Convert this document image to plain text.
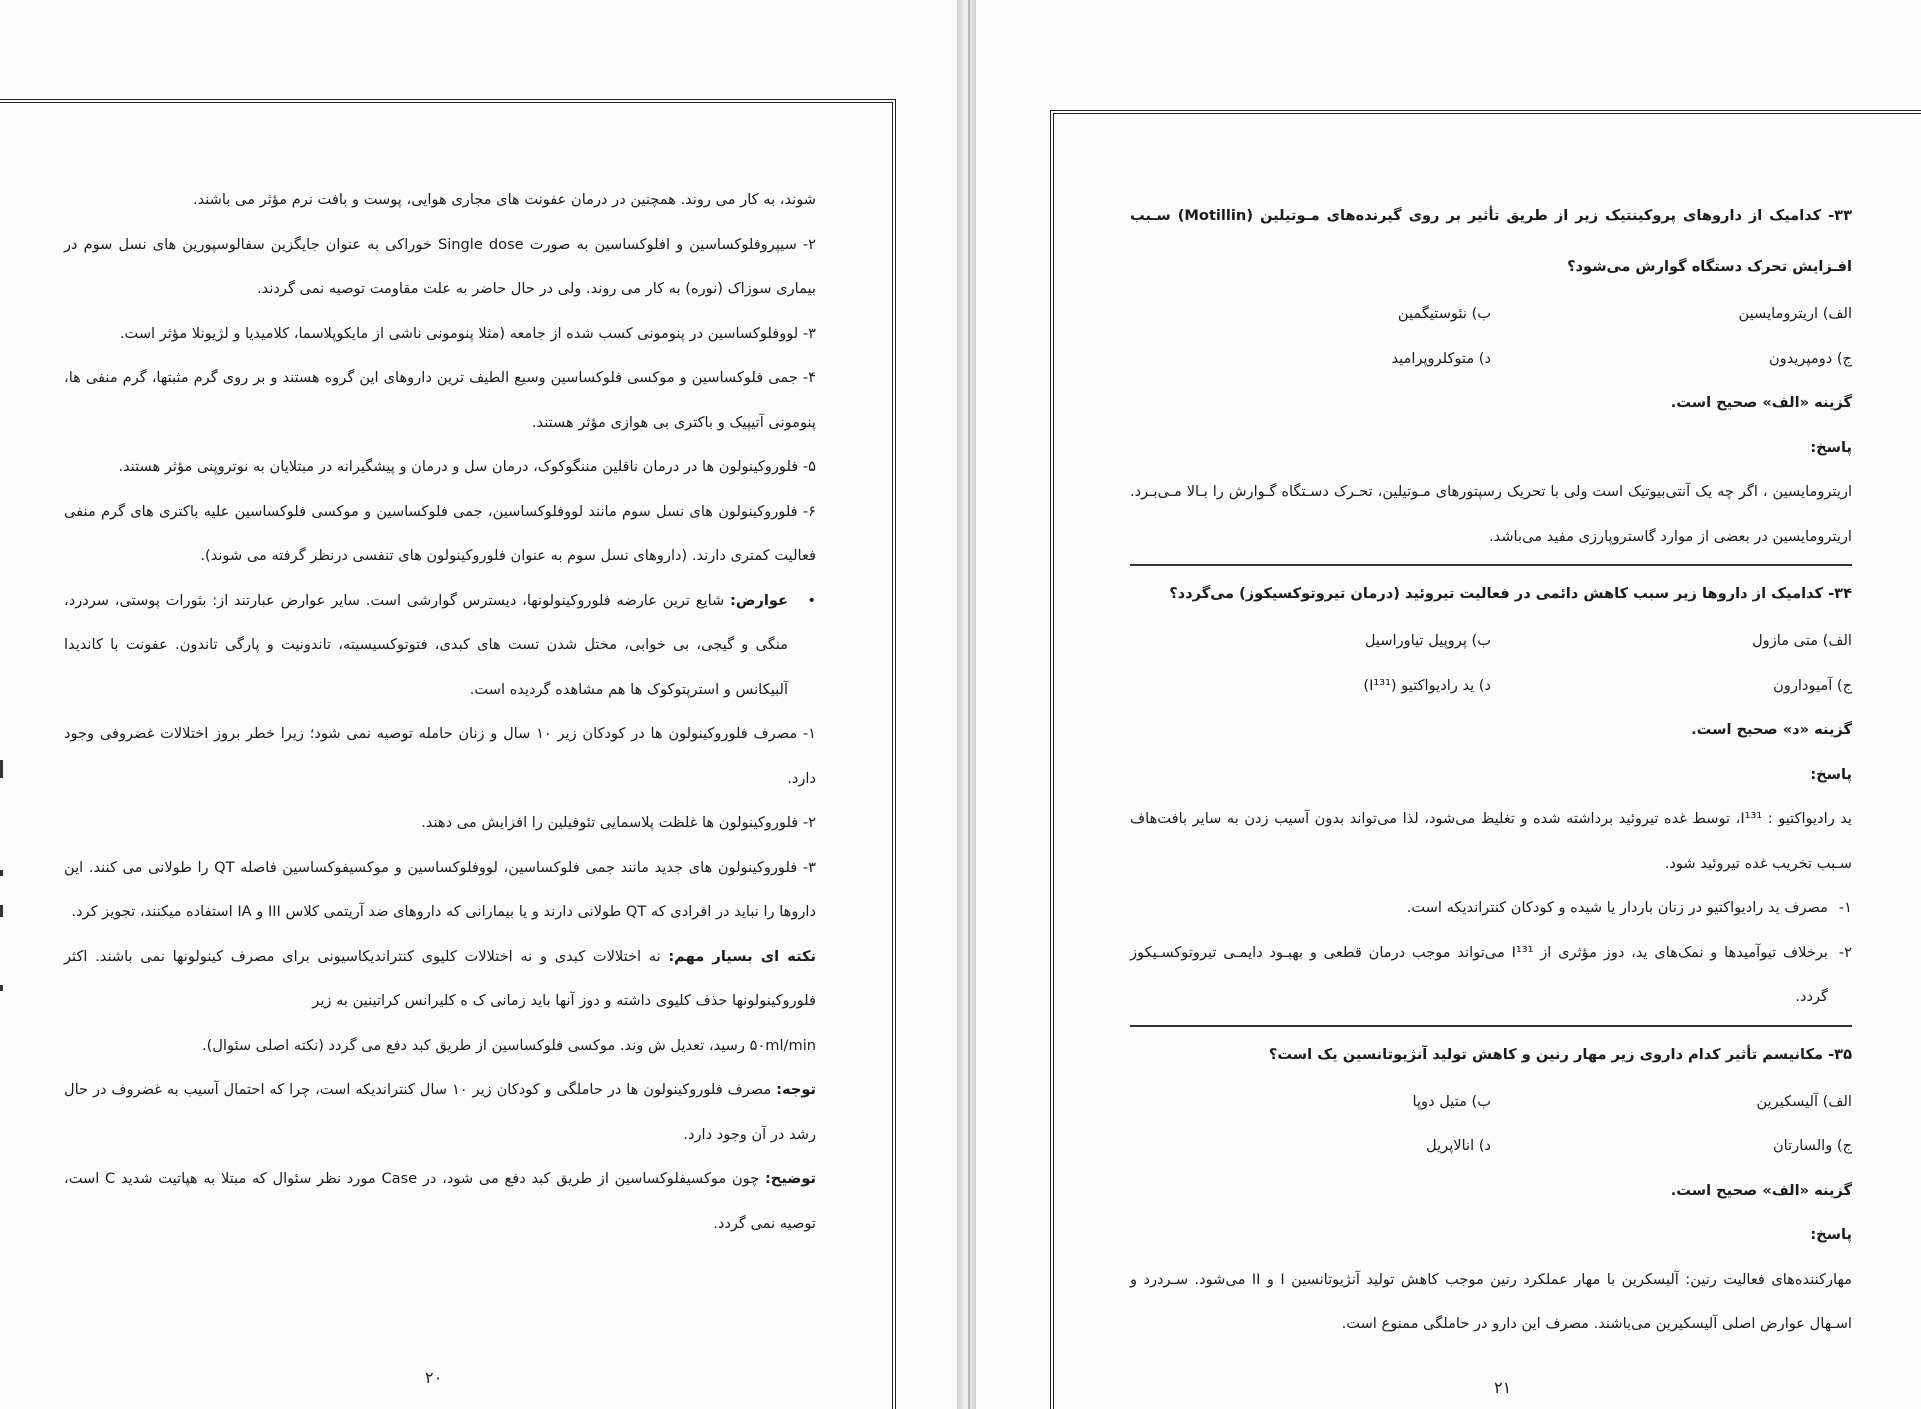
شوند، به کار می روند. همچنین در درمان عفونت های مجاری هوایی، پوست و بافت نرم مؤثر می باشند.

۲- سیپروفلوکساسین و افلوکساسین به صورت Single dose خوراکی به عنوان جایگزین سفالوسپورین های نسل سوم در بیماری سوزاک (نوره) به کار می روند. ولی در حال حاضر به علت مقاومت توصیه نمی گردند.

۳- لووفلوکساسین در پنومونی کسب شده از جامعه (مثلا پنومونی ناشی از مایکوپلاسما، کلامیدیا و لژیونلا مؤثر است.

۴- جمی فلوکساسین و موکسی فلوکساسین وسیع الطیف ترین داروهای این گروه هستند و بر روی گرم مثبتها، گرم منفی ها، پنومونی آتیپیک و باکتری بی هوازی مؤثر هستند.

۵- فلوروکینولون ها در درمان ناقلین مننگوکوک، درمان سل و درمان و پیشگیرانه در مبتلایان به نوتروپنی مؤثر هستند.

۶- فلوروکینولون های نسل سوم مانند لووفلوکساسین، جمی فلوکساسین و موکسی فلوکساسین علیه باکتری های گرم منفی فعالیت کمتری دارند. (داروهای نسل سوم به عنوان فلوروکینولون های تنفسی درنظر گرفته می شوند).

•
عوارض: شایع ترین عارضه فلوروکینولونها، دیسترس گوارشی است. سایر عوارض عبارتند از: بثورات پوستی، سردرد، منگی و گیجی، بی خوابی، مختل شدن تست های کبدی، فتوتوکسیسیته، تاندونیت و پارگی تاندون. عفونت با کاندیدا آلبیکانس و استرپتوکوک ها هم مشاهده گردیده است.

۱- مصرف فلوروکینولون ها در کودکان زیر ۱۰ سال و زنان حامله توصیه نمی شود؛ زیرا خطر بروز اختلالات غضروفی وجود دارد.

۲- فلوروکینولون ها غلظت پلاسمایی تئوفیلین را افزایش می دهند.

۳- فلوروکینولون های جدید مانند جمی فلوکساسین، لووفلوکساسین و موکسیفوکساسین فاصله QT را طولانی می کنند. این داروها را نباید در افرادی که QT طولانی دارند و یا بیمارانی که داروهای ضد آریتمی کلاس III و IA استفاده میکنند، تجویز کرد.

نکته ای بسیار مهم: نه اختلالات کبدی و نه اختلالات کلیوی کنترانديکاسیونی برای مصرف کینولونها نمی باشند. اکثر فلوروکینولونها حذف کلیوی داشته و دوز آنها باید زمانی ک ه کلیرانس کراتینین به زیر

۵۰ml/min رسید، تعدیل ش وند. موکسی فلوکساسین از طریق کبد دفع می گردد (نکته اصلی سئوال).

توجه: مصرف فلوروکینولون ها در حاملگی و کودکان زیر ۱۰ سال کنترانديکه است، چرا که احتمال آسیب به غضروف در حال رشد در آن وجود دارد.

توضیح: چون موکسیفلوکساسین از طریق کبد دفع می شود، در Case مورد نظر سئوال که مبتلا به هپاتیت شدید C است، توصیه نمی گردد.

۲۰
۳۳- کدامیک از داروهای پروکینتیک زیر از طریق تأثیر بر روی گیرنده‌های مـوتیلین (Motillin) سـبب افـزایش تحرک دستگاه گوارش می‌شود؟
الف) اریترومایسین
ب) نئوستیگمین
ج) دومپریدون
د) متوکلروپرامید
گزینه «الف» صحیح است.
پاسخ:

اریترومایسین ، اگر چه یک آنتی‌بیوتیک است ولی با تحریک رسپتورهای مـوتیلین، تحـرک دسـتگاه گـوارش را بـالا مـی‌بـرد. اریترومایسین در بعضی از موارد گاستروپارزی مفید می‌باشد.

۳۴- کدامیک از داروها زیر سبب کاهش دائمی در فعالیت تیروئید (درمان تیروتوکسیکوز) می‌گردد؟
الف) متی مازول
ب) پروپیل تیاوراسیل
ج) آمیودارون
د) ید رادیواکتیو (I¹³¹)
گزینه «د» صحیح است.
پاسخ:

ید رادیواکتیو : I¹³¹، توسط غده تیروئید برداشته شده و تغلیظ می‌شود، لذا می‌تواند بدون آسیب زدن به سایر بافت‌هاف سـبب تخریب غده تیروئید شود.

۱-
مصرف ید رادیواکتیو در زنان باردار یا شیده و کودکان کنترانديکه است.
۲-
برخلاف تیوآمیدها و نمک‌های ید، دوز مؤثری از I¹³¹ می‌تواند موجب درمان قطعی و بهبـود دایمـی تیروتوکسـیکوز گردد.
۳۵- مکانیسم تأثیر کدام داروی زیر مهار رنین و کاهش تولید آنژیوتانسین یک است؟
الف) آلیسکیرین
ب) متیل دوپا
ج) والسارتان
د) انالاپریل
گزینه «الف» صحیح است.
پاسخ:

مهارکننده‌های فعالیت رنین: آلیسکرین با مهار عملکرد رنین موجب کاهش تولید آنژیوتانسین I و II می‌شود. سـردرد و اسـهال عوارض اصلی آلیسکیرین می‌باشند. مصرف این دارو در حاملگی ممنوع است.

۲۱
